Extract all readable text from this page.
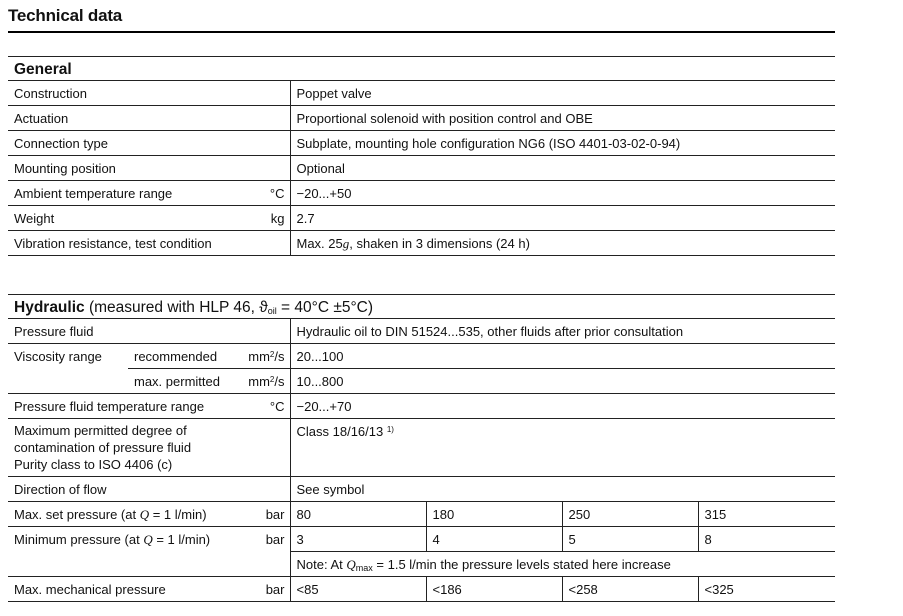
Technical data
General		
Construction		Poppet valve
Actuation		Proportional solenoid with position control and OBE
Connection type		Subplate, mounting hole configuration NG6 (ISO 4401-03-02-0-94)
Mounting position		Optional
Ambient temperature range	°C	−20...+50
Weight	kg	2.7
Vibration resistance, test condition		Max. 25g, shaken in 3 dimensions (24 h)
Hydraulic (measured with HLP 46, $ϑ_{oil} = 40^\circ C \pm 5^\circ C$)						
Pressure fluid			Hydraulic oil to DIN 51524...535, other fluids after prior consultation			
Viscosity range	recommended	$mm^2/s$	20...100			
	max. permitted	$mm^2/s$	10...800			
Pressure fluid temperature range		°C	−20...+70			

Maximum permitted degree of
contamination of pressure fluid
Purity class to ISO 4406 (c)			Class 18/16/13 $^{1)}$
Direction of flow			See symbol			
Max. set pressure (at Q = 1 l/min)		bar	80	180	250	315
Minimum pressure (at Q = 1 l/min)		bar	3	4	5	8
			Note: At $Q_{max} = 1.5$ l/min the pressure levels stated here increase			
Max. mechanical pressure		bar	<85	<186	<258	<325
